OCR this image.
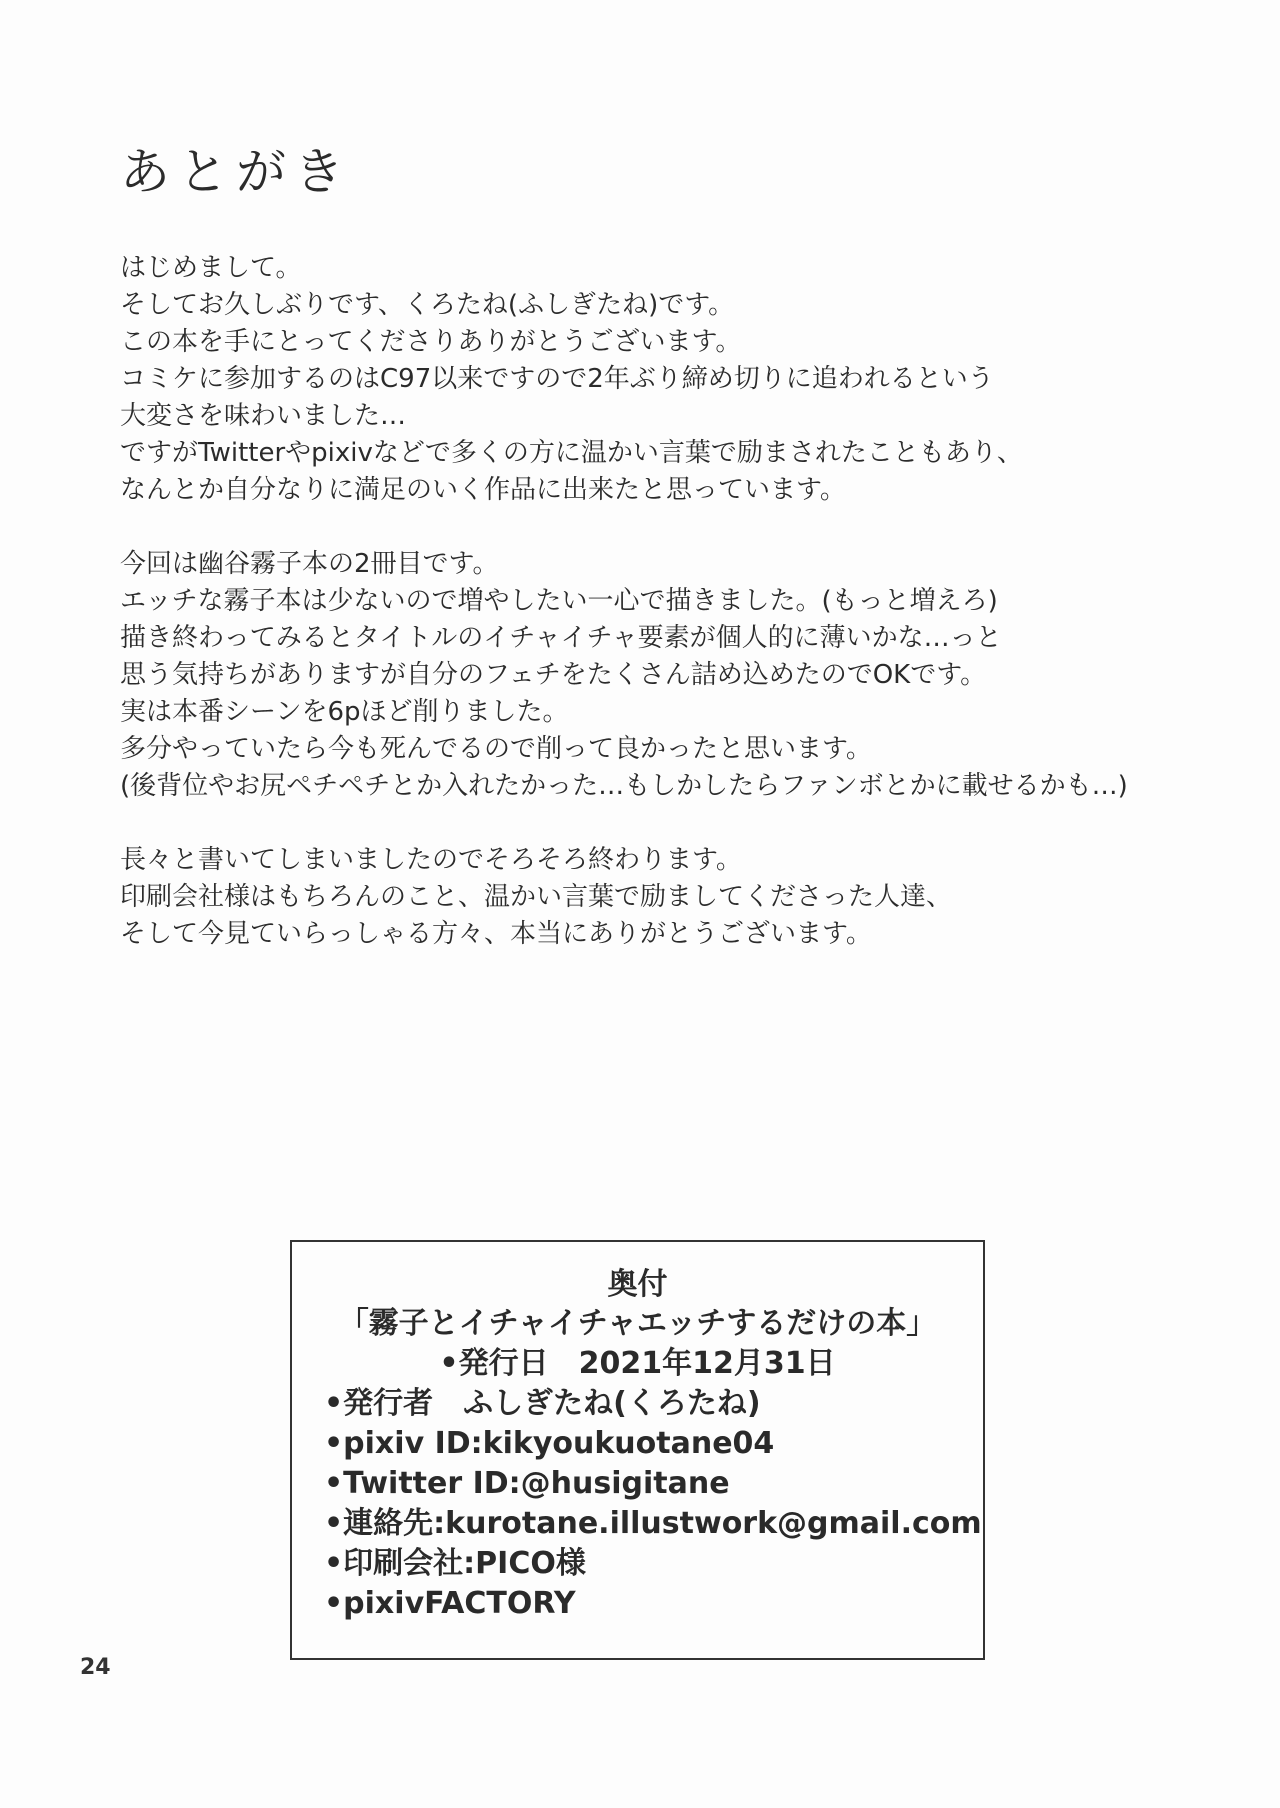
あとがき

はじめまして。
そしてお久しぶりです、くろたね(ふしぎたね)です。
この本を手にとってくださりありがとうございます。
コミケに参加するのはC97以来ですので2年ぶり締め切りに追われるという
大変さを味わいました…
ですがTwitterやpixivなどで多くの方に温かい言葉で励まされたこともあり、
なんとか自分なりに満足のいく作品に出来たと思っています。

今回は幽谷霧子本の2冊目です。
エッチな霧子本は少ないので増やしたい一心で描きました。(もっと増えろ)
描き終わってみるとタイトルのイチャイチャ要素が個人的に薄いかな…っと
思う気持ちがありますが自分のフェチをたくさん詰め込めたのでOKです。
実は本番シーンを6pほど削りました。
多分やっていたら今も死んでるので削って良かったと思います。
(後背位やお尻ペチペチとか入れたかった…もしかしたらファンボとかに載せるかも…)

長々と書いてしまいましたのでそろそろ終わります。
印刷会社様はもちろんのこと、温かい言葉で励ましてくださった人達、
そして今見ていらっしゃる方々、本当にありがとうございます。

奥付
「霧子とイチャイチャエッチするだけの本」
•発行日　2021年12月31日
•発行者　ふしぎたね(くろたね)
•pixiv ID:kikyoukuotane04
•Twitter ID:@husigitane
•連絡先:kurotane.illustwork@gmail.com
•印刷会社:PICO様
•pixivFACTORY
24
